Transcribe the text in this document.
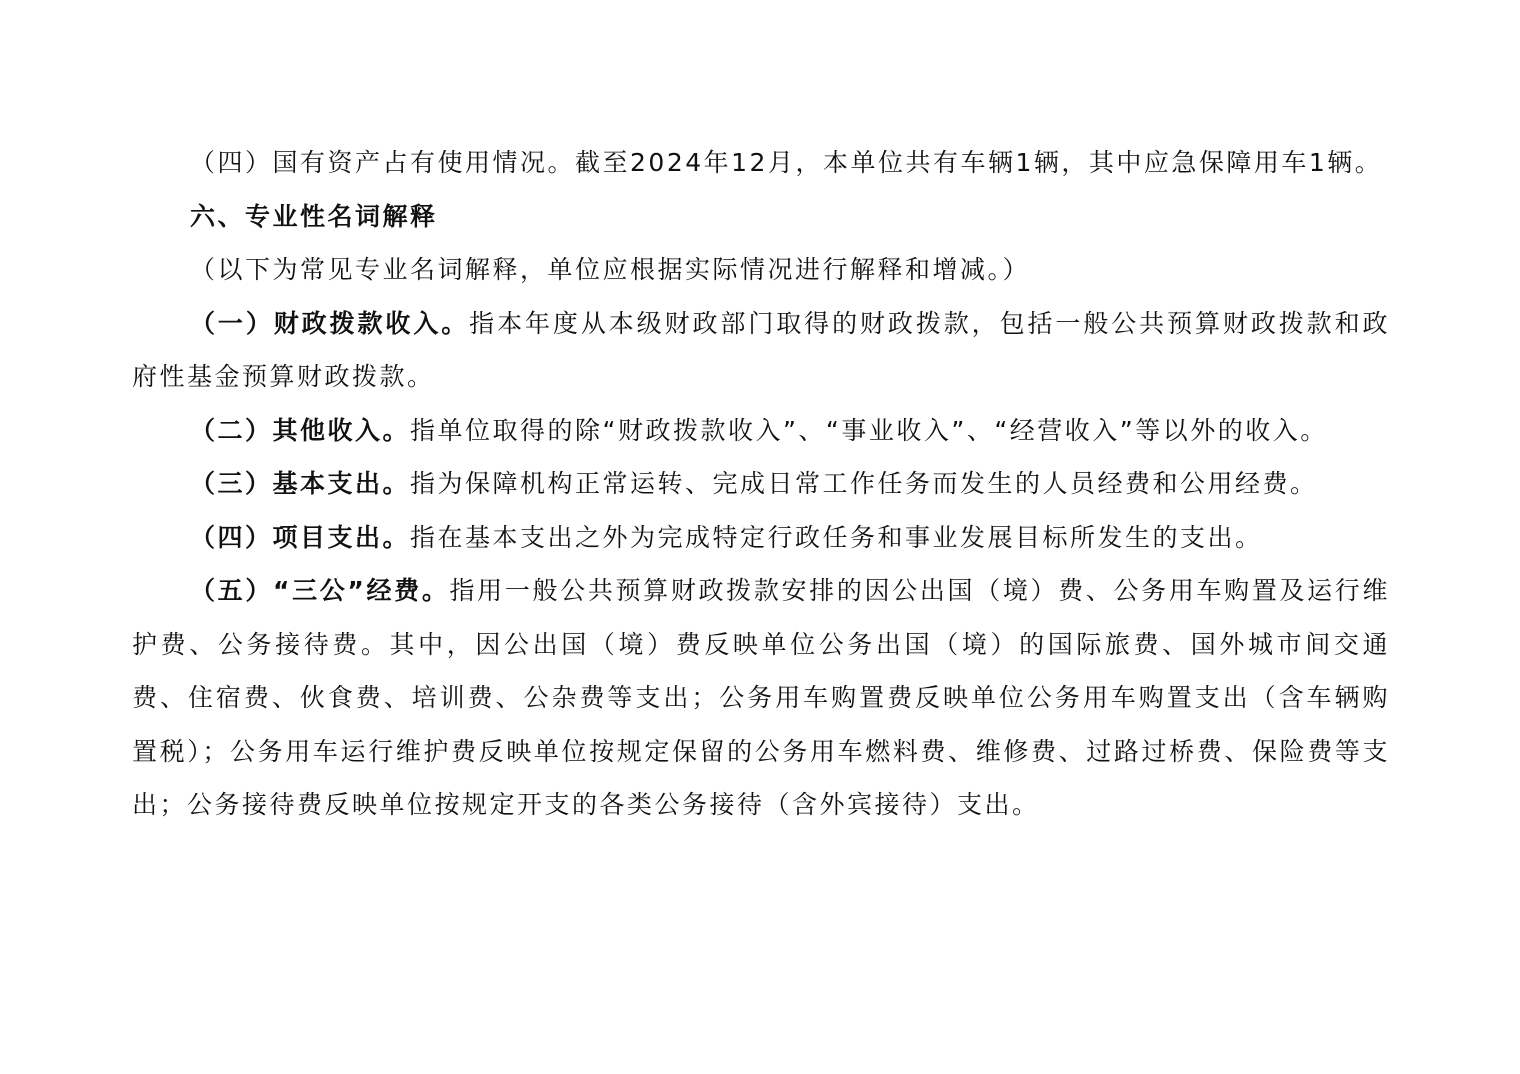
（四）国有资产占有使用情况。截至2024年12月，本单位共有车辆1辆，其中应急保障用车1辆。

六、专业性名词解释

（以下为常见专业名词解释，单位应根据实际情况进行解释和增减。）

（一）财政拨款收入。指本年度从本级财政部门取得的财政拨款，包括一般公共预算财政拨款和政府性基金预算财政拨款。

（二）其他收入。指单位取得的除“财政拨款收入”、“事业收入”、“经营收入”等以外的收入。

（三）基本支出。指为保障机构正常运转、完成日常工作任务而发生的人员经费和公用经费。

（四）项目支出。指在基本支出之外为完成特定行政任务和事业发展目标所发生的支出。

（五）“三公”经费。指用一般公共预算财政拨款安排的因公出国（境）费、公务用车购置及运行维护费、公务接待费。其中，因公出国（境）费反映单位公务出国（境）的国际旅费、国外城市间交通费、住宿费、伙食费、培训费、公杂费等支出；公务用车购置费反映单位公务用车购置支出（含车辆购置税）；公务用车运行维护费反映单位按规定保留的公务用车燃料费、维修费、过路过桥费、保险费等支出；公务接待费反映单位按规定开支的各类公务接待（含外宾接待）支出。
